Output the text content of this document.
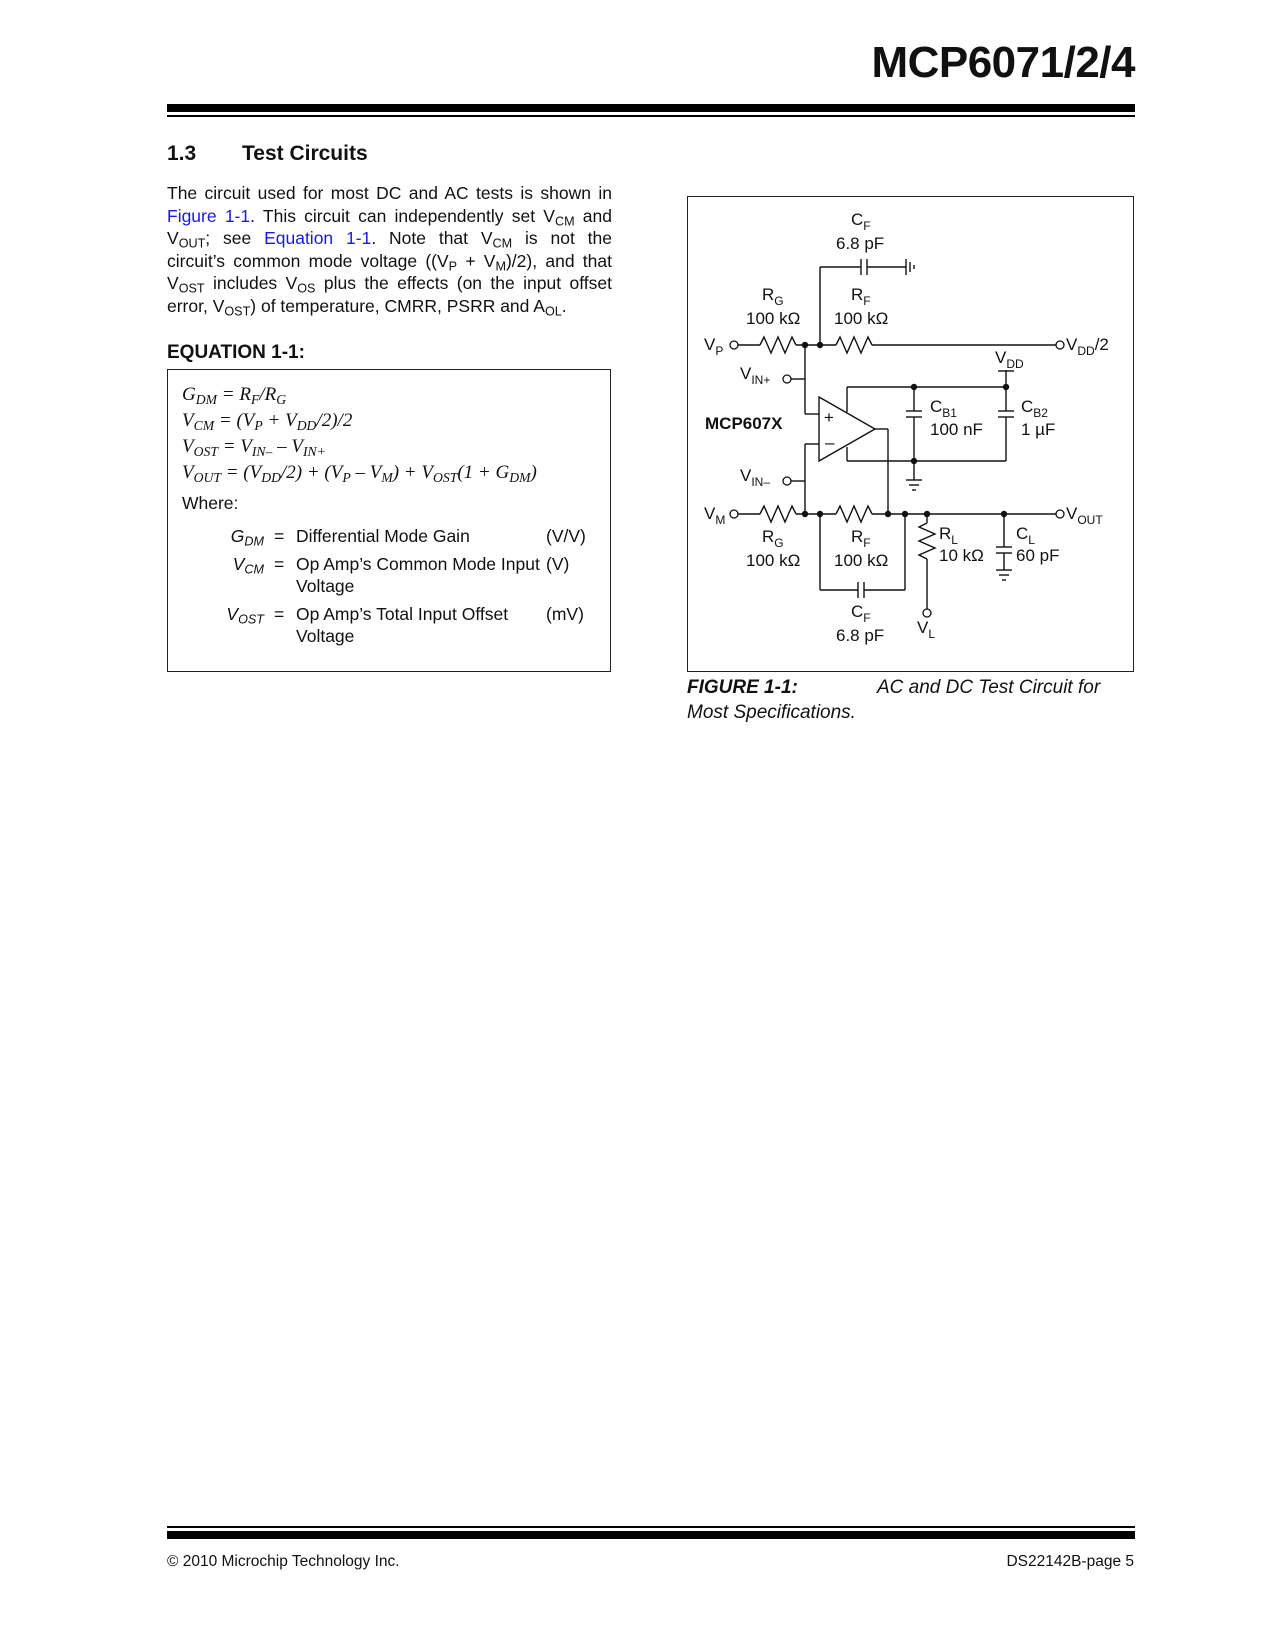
MCP6071/2/4
1.3 Test Circuits
The circuit used for most DC and AC tests is shown in
Figure 1-1. This circuit can independently set $V_{CM}$ and
$V_{OUT}$; see Equation 1-1. Note that $V_{CM}$ is not the
circuit’s common mode voltage $((V_P + V_M)/2)$, and that
$V_{OST}$ includes $V_{OS}$ plus the effects (on the input offset
error, $V_{OST}$) of temperature, CMRR, PSRR and $A_{OL}$.
EQUATION 1-1:
$G_{DM} = R_F/R_G$
$V_{CM} = (V_P + V_{DD}/2)/2$
$V_{OST} = V_{IN-} - V_{IN+}$
$V_{OUT} = (V_{DD}/2) + (V_P - V_M) + V_{OST}(1 + G_{DM})$
Where:
$G_{DM}$	=	Differential Mode Gain	(V/V)
$V_{CM}$	=	Op Amp’s Common Mode Input Voltage	(V)
$V_{OST}$	=	Op Amp’s Total Input Offset Voltage	(mV)
$C_F$
6.8 pF
$R_G$
100 kΩ
$R_F$
100 kΩ
$V_P$	$V_{DD}/2$
$V_{DD}$
$V_{IN+}$
MCP607X +
–
$C_{B1}$
100 nF
$C_{B2}$
1 µF
$V_{IN-}$
$V_M$	$V_{OUT}$
$R_G$
100 kΩ
$R_F$
100 kΩ
$R_L$
10 kΩ
$C_L$
60 pF
$C_F$
6.8 pF $V_L$
FIGURE 1-1:	AC and DC Test Circuit for
Most Specifications.
© 2010 Microchip Technology Inc.	DS22142B-page 5
